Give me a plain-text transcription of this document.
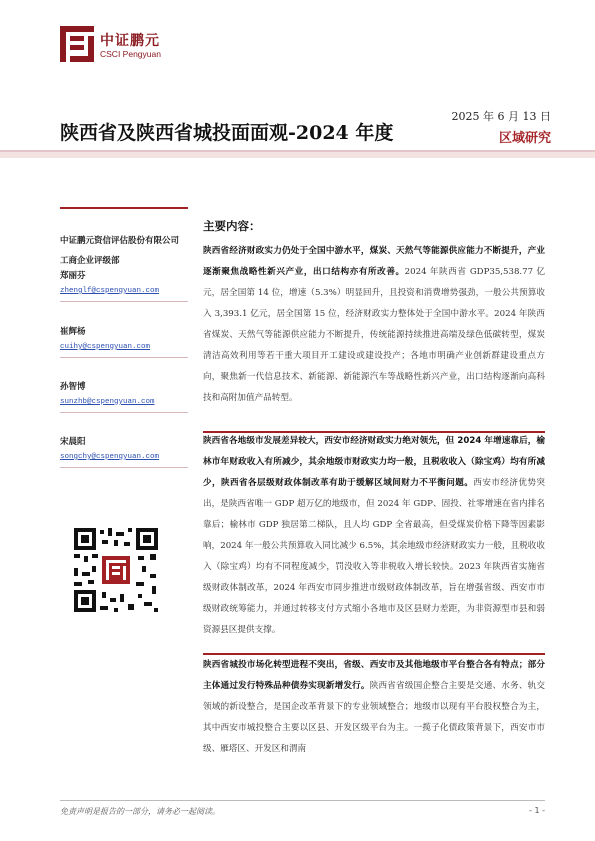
中证鹏元
CSCI Pengyuan
陕西省及陕西省城投面面观-2024 年度
2025 年 6 月 13 日
区域研究
中证鹏元资信评估股份有限公司
工商企业评级部
郑丽芬
zhenglf@cspengyuan.com
崔辉杨
cuihy@cspengyuan.com
孙智博
sunzhb@cspengyuan.com
宋晨阳
songchy@cspengyuan.com
主要内容：
陕西省经济财政实力仍处于全国中游水平，煤炭、天然气等能源供应能力不断提升，产业逐渐聚焦战略性新兴产业，出口结构亦有所改善。2024 年陕西省 GDP35,538.77 亿元，居全国第 14 位，增速（5.3%）明显回升，且投资和消费增势强劲，一般公共预算收入 3,393.1 亿元，居全国第 15 位，经济财政实力整体处于全国中游水平。2024 年陕西省煤炭、天然气等能源供应能力不断提升，传统能源持续推进高端及绿色低碳转型，煤炭清洁高效利用等若干重大项目开工建设或建设投产；各地市明确产业创新群建设重点方向，聚焦新一代信息技术、新能源、新能源汽车等战略性新兴产业，出口结构逐渐向高科技和高附加值产品转型。
陕西省各地级市发展差异较大，西安市经济财政实力绝对领先，但 2024 年增速靠后，榆林市年财政收入有所减少，其余地级市财政实力均一般，且税收收入（除宝鸡）均有所减少，陕西省各层级财政体制改革有助于缓解区域间财力不平衡问题。西安市经济优势突出，是陕西省唯一 GDP 超万亿的地级市，但 2024 年 GDP、固投、社零增速在省内排名靠后；榆林市 GDP 独居第二梯队，且人均 GDP 全省最高，但受煤炭价格下降等因素影响，2024 年一般公共预算收入同比减少 6.5%，其余地级市经济财政实力一般，且税收收入（除宝鸡）均有不同程度减少，罚没收入等非税收入增长较快。2023 年陕西省实施省级财政体制改革，2024 年西安市同步推进市级财政体制改革，旨在增强省级、西安市市级财政统筹能力，并通过转移支付方式缩小各地市及区县财力差距，为非资源型市县和弱资源县区提供支撑。
陕西省城投市场化转型进程不突出，省级、西安市及其他地级市平台整合各有特点；部分主体通过发行特殊品种债券实现新增发行。陕西省省级国企整合主要是交通、水务、轨交领域的新设整合，是国企改革背景下的专业领域整合；地级市以现有平台股权整合为主，其中西安市城投整合主要以区县、开发区级平台为主。一揽子化债政策背景下，西安市市级、雁塔区、开发区和渭南
免责声明是报告的一部分，请务必一起阅读。	- 1 -
